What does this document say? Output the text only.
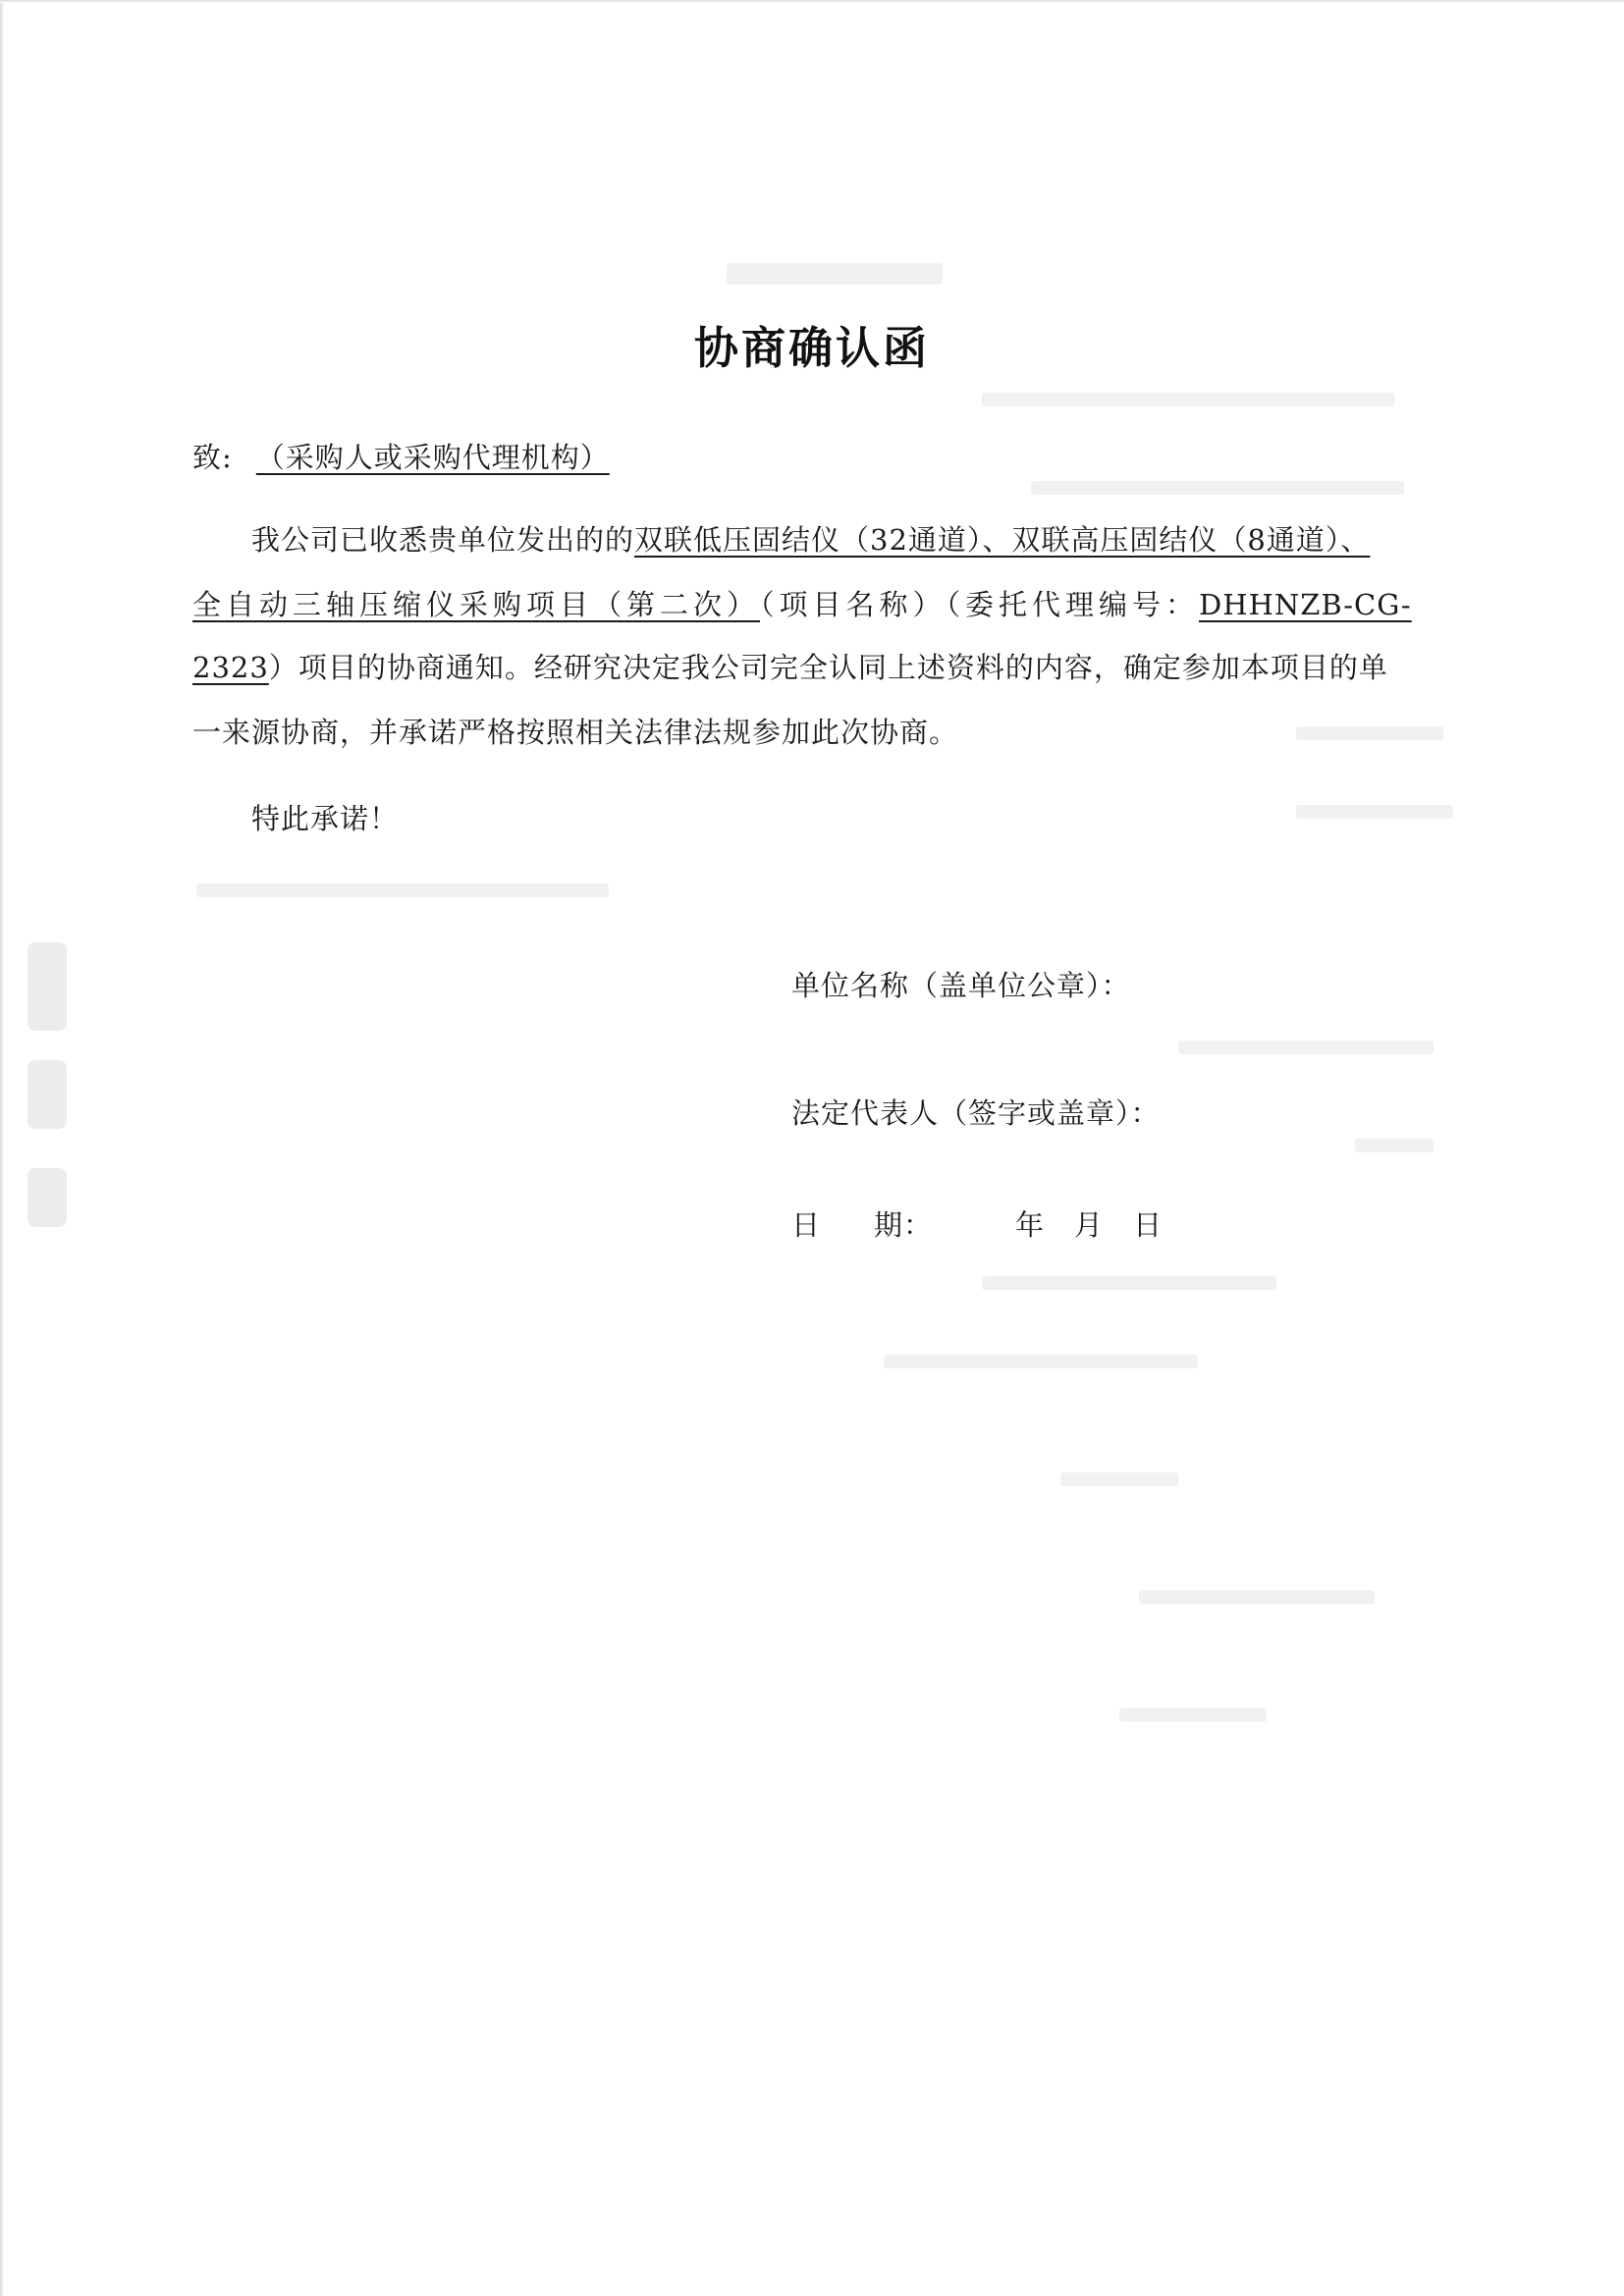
协商确认函
致: （采购人或采购代理机构）
我公司已收悉贵单位发出的的双联低压固结仪（32通道）、双联高压固结仪（8通道）、
全自动三轴压缩仪采购项目（第二次）（项目名称）（委托代理编号：DHHNZB-CG-
2323）项目的协商通知。经研究决定我公司完全认同上述资料的内容，确定参加本项目的单
一来源协商，并承诺严格按照相关法律法规参加此次协商。
特此承诺！
单位名称（盖单位公章）：
法定代表人（签字或盖章）：
日 期：	年 月 日
